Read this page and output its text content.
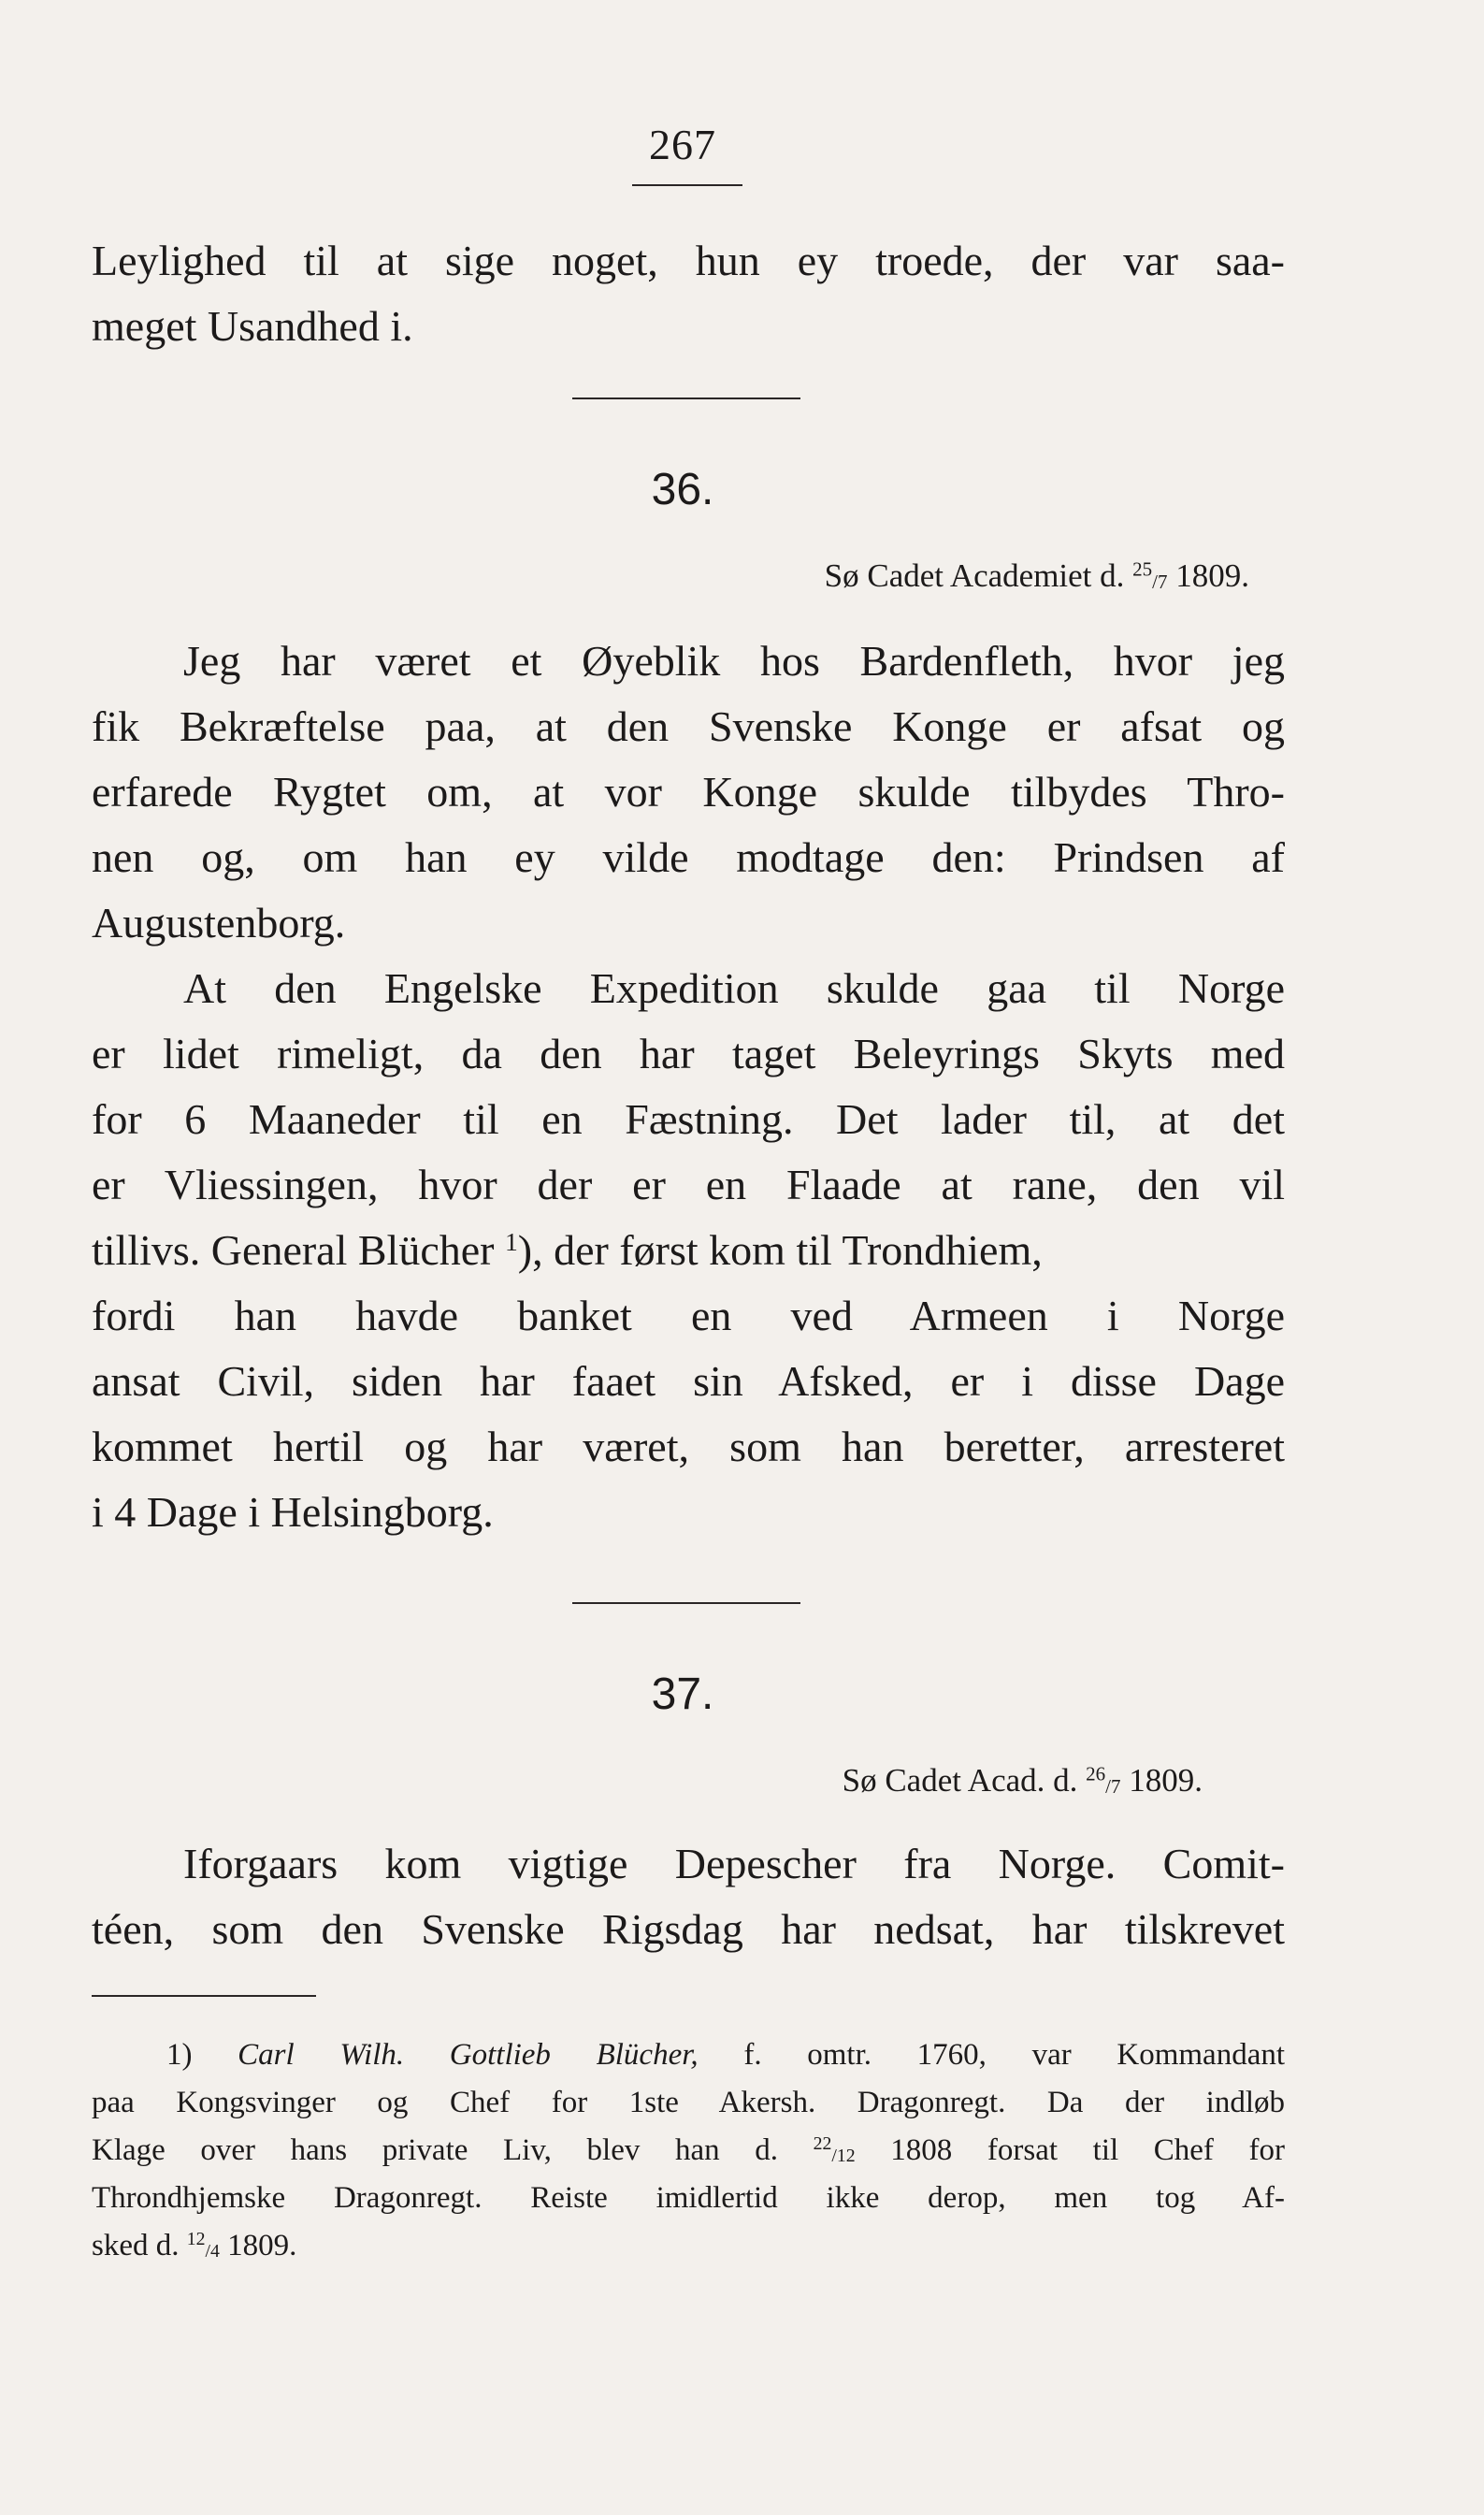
267
Leylighed til at sige noget, hun ey troede, der var saa-
meget Usandhed i.
36.
Sø Cadet Academiet d. $^{25}_{/7}$ 1809.
Jeg har været et Øyeblik hos Bardenfleth, hvor jeg
fik Bekræftelse paa, at den Svenske Konge er afsat og
erfarede Rygtet om, at vor Konge skulde tilbydes Thro-
nen og, om han ey vilde modtage den: Prindsen af
Augustenborg.
At den Engelske Expedition skulde gaa til Norge
er lidet rimeligt, da den har taget Beleyrings Skyts med
for 6 Maaneder til en Fæstning. Det lader til, at det
er Vliessingen, hvor der er en Flaade at rane, den vil
tillivs. General Blücher $^1$), der først kom til Trondhiem,
fordi han havde banket en ved Armeen i Norge
ansat Civil, siden har faaet sin Afsked, er i disse Dage
kommet hertil og har været, som han beretter, arresteret
i 4 Dage i Helsingborg.
37.
Sø Cadet Acad. d. $^{26}_{/7}$ 1809.
Iforgaars kom vigtige Depescher fra Norge. Comit-
téen, som den Svenske Rigsdag har nedsat, har tilskrevet
1) Carl Wilh. Gottlieb Blücher, f. omtr. 1760, var Kommandant
paa Kongsvinger og Chef for 1ste Akersh. Dragonregt. Da der indløb
Klage over hans private Liv, blev han d. $^{22}_{/12}$ 1808 forsat til Chef for
Throndhjemske Dragonregt. Reiste imidlertid ikke derop, men tog Af-
sked d. $^{12}_{/4}$ 1809.
